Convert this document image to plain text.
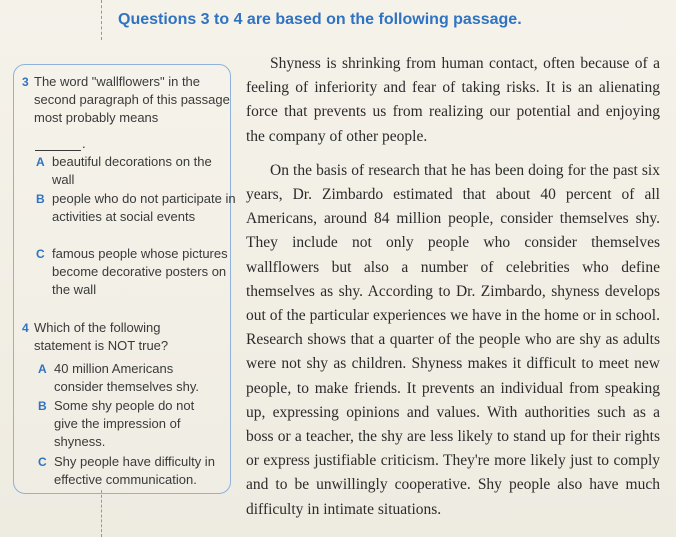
Questions 3 to 4 are based on the following passage.
3 The word "wallflowers" in the second paragraph of this passage most probably means
.
A beautiful decorations on the wall
B people who do not participate in activities at social events
C famous people whose pictures become decorative posters on the wall
4 Which of the following statement is NOT true?
A 40 million Americans consider themselves shy.
B Some shy people do not give the impression of shyness.
C Shy people have difficulty in effective communication.

Shyness is shrinking from human contact, often because of a feeling of inferiority and fear of taking risks. It is an alienating force that prevents us from realizing our potential and enjoying the company of other people.

On the basis of research that he has been doing for the past six years, Dr. Zimbardo estimated that about 40 percent of all Americans, around 84 million people, consider themselves shy. They include not only people who consider themselves wallflowers but also a number of celebrities who define themselves as shy. According to Dr. Zimbardo, shyness develops out of the particular experiences we have in the home or in school. Research shows that a quarter of the people who are shy as adults were not shy as children. Shyness makes it difficult to meet new people, to make friends. It prevents an individual from speaking up, expressing opinions and values. With authorities such as a boss or a teacher, the shy are less likely to stand up for their rights or express justifiable criticism. They're more likely just to comply and to be unwillingly cooperative. Shy people also have much difficulty in intimate situations.
